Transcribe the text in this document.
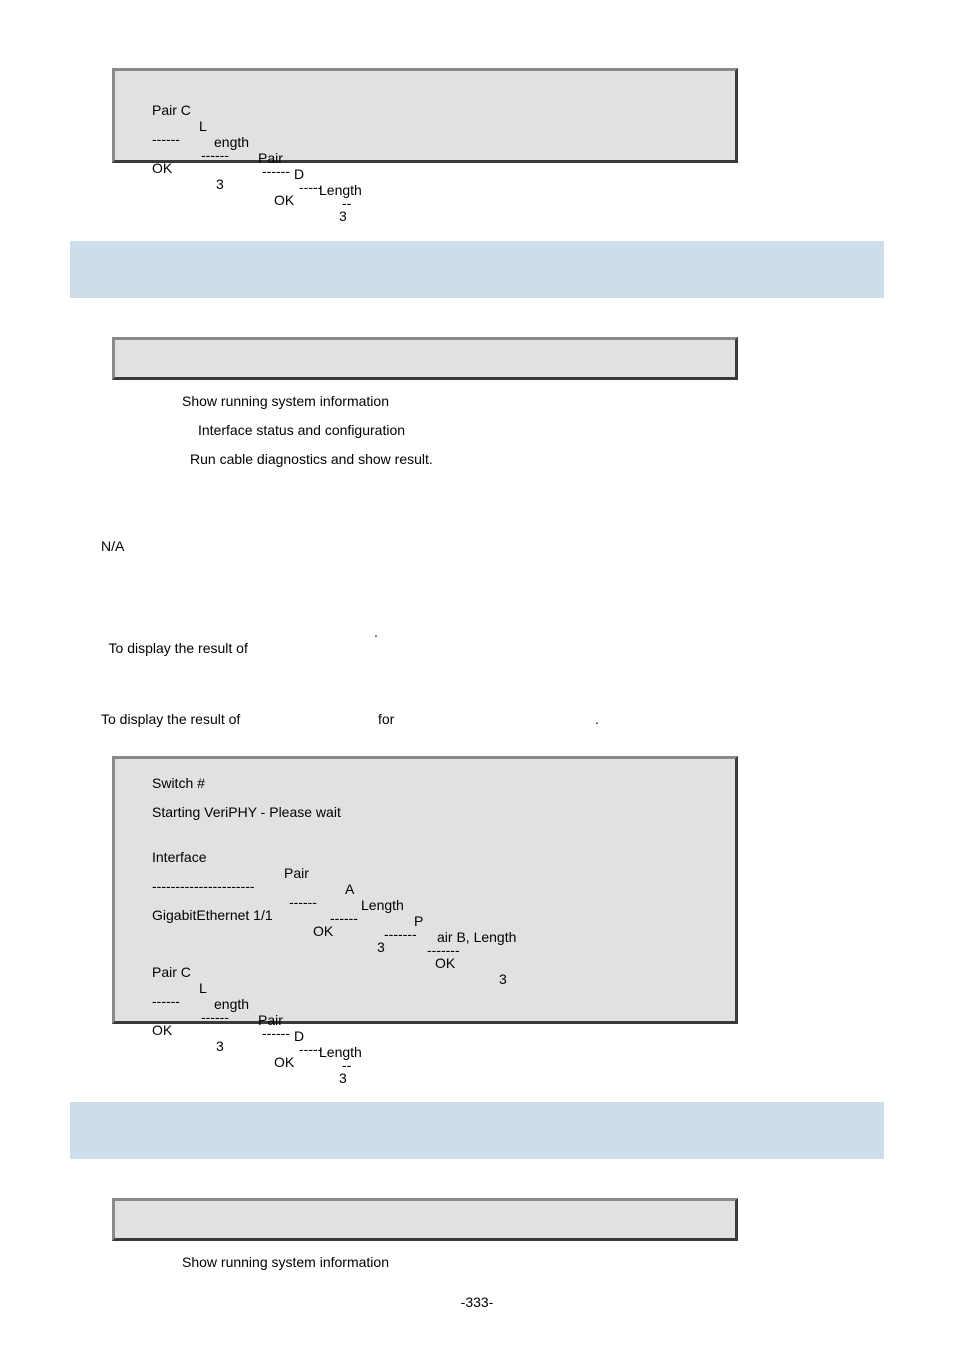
Pair C

L

ength

Pair

D

Length

------

------

------

-----

--

OK

3

OK

3

Show running system information
Interface status and configuration
Run cable diagnostics and show result.
N/A

To display the result of

.
To display the result of	for	.
Switch #
Starting VeriPHY - Please wait

Interface

Pair

A

Length

P

air B, Length

----------------------

------

------

-------

-------

GigabitEthernet 1/1

OK

3

OK

3

Pair C

L

ength

Pair

D

Length

------

------

------

-----

--

OK

3

OK

3

Show running system information
-333-
